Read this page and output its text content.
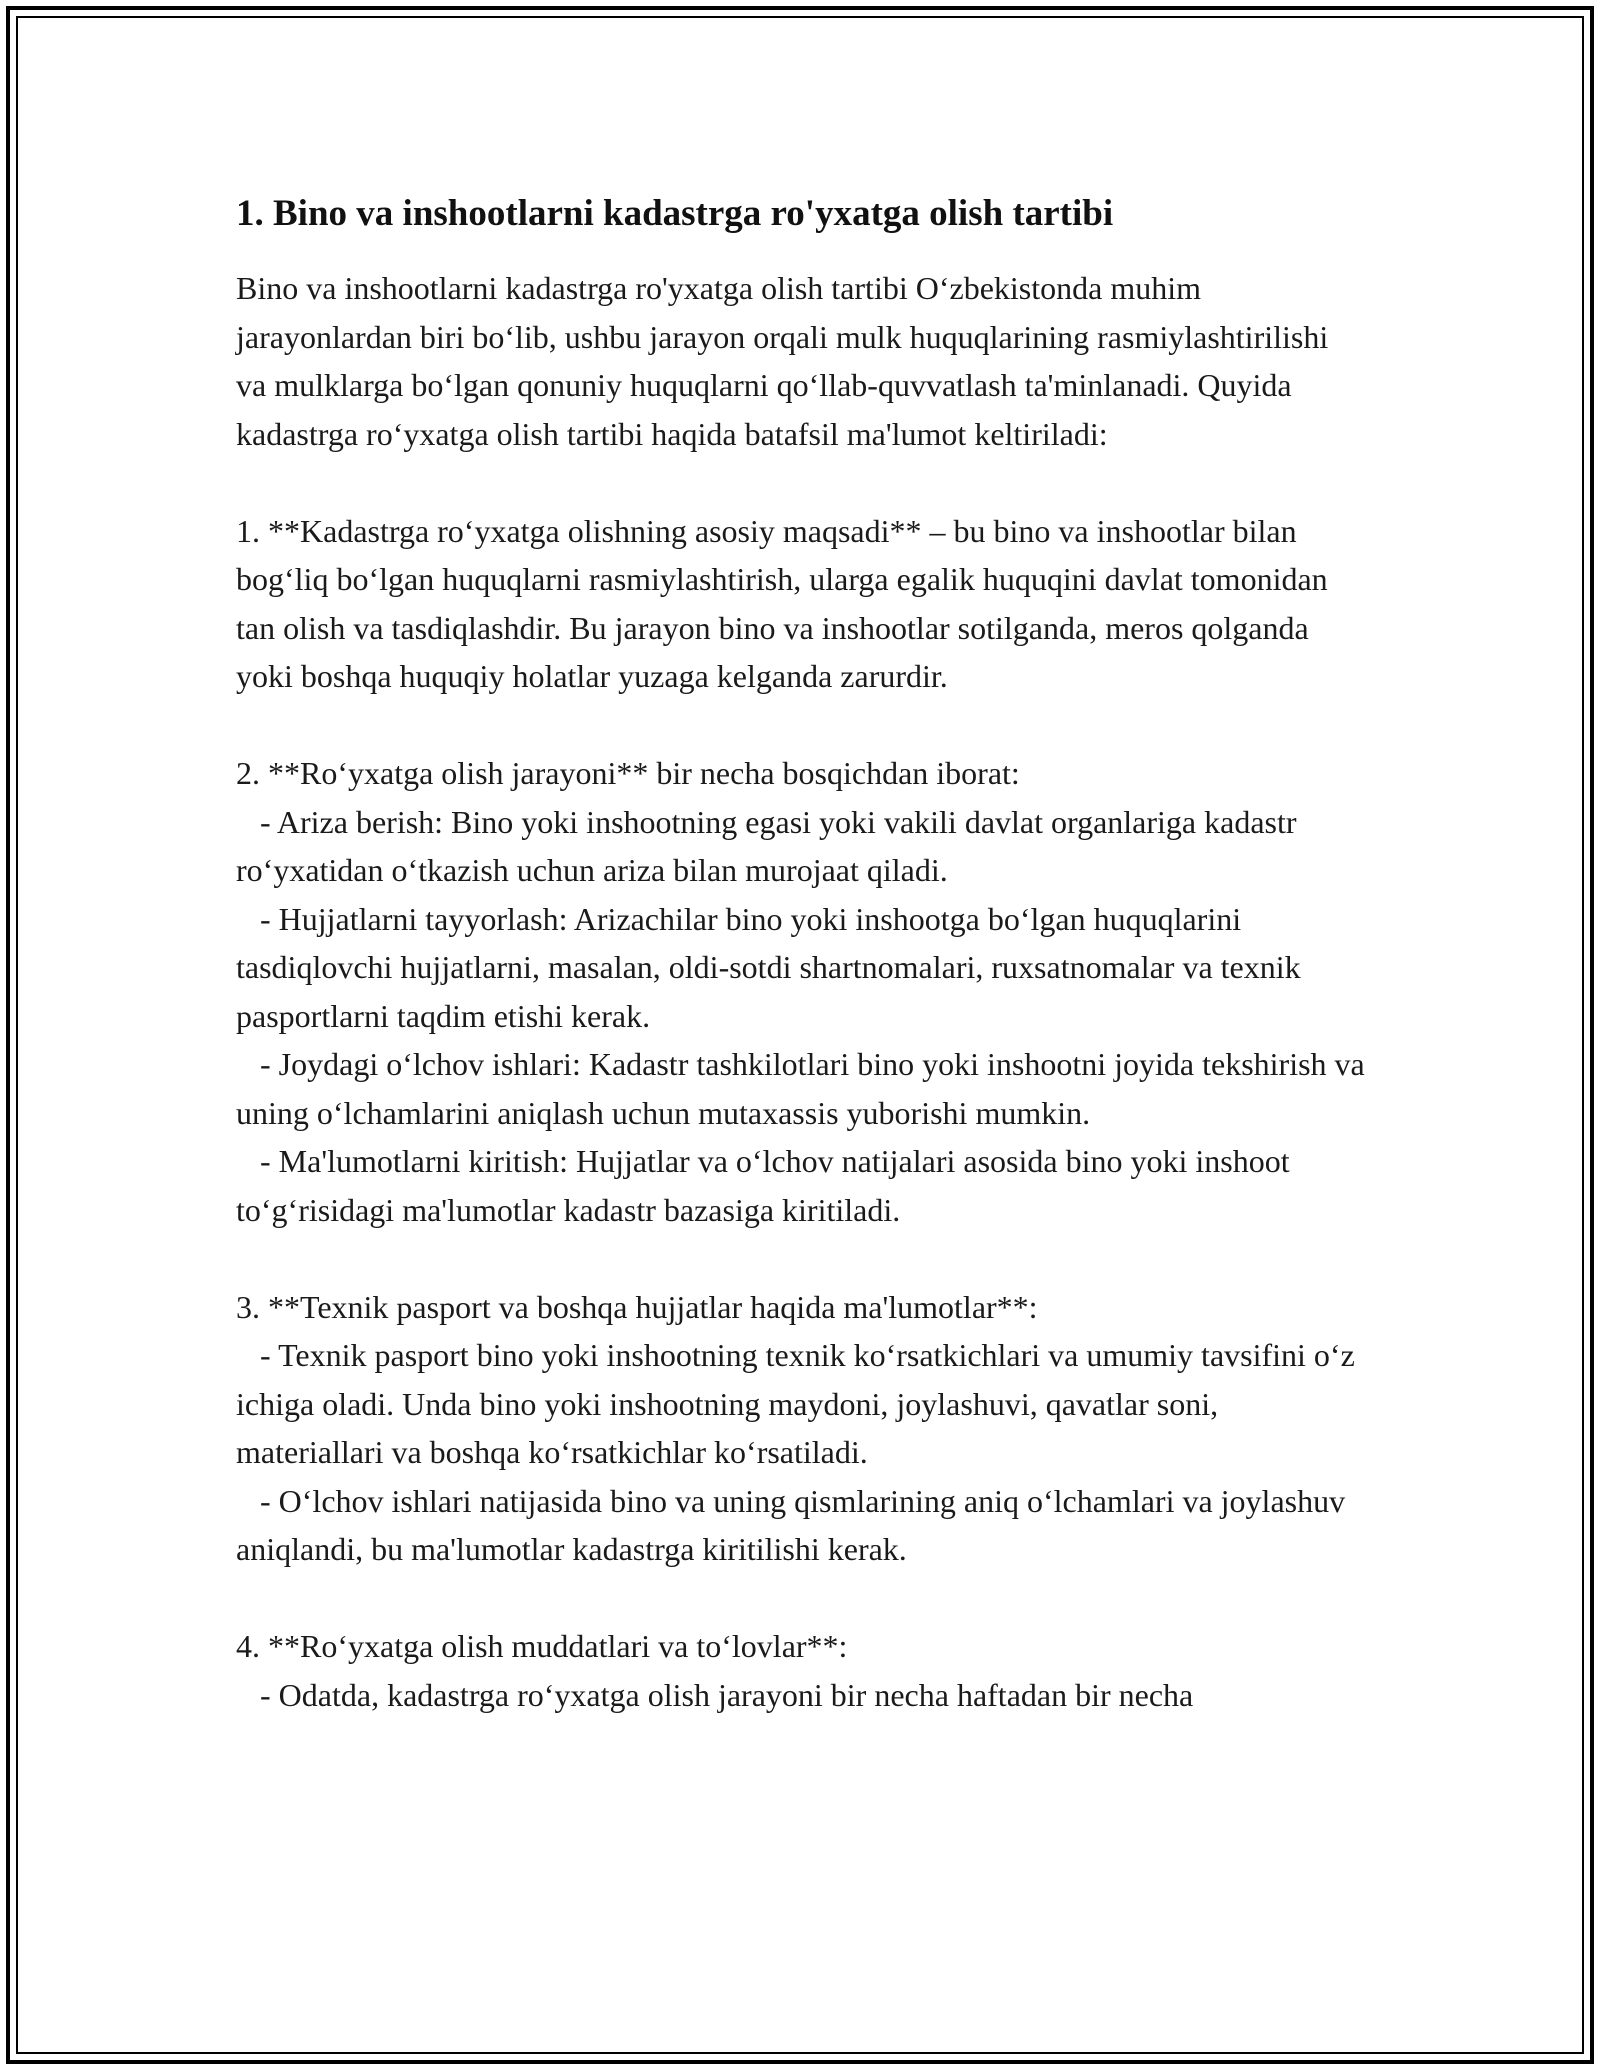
1. Bino va inshootlarni kadastrga ro'yxatga olish tartibi

Bino va inshootlarni kadastrga ro'yxatga olish tartibi O‘zbekistonda muhim jarayonlardan biri bo‘lib, ushbu jarayon orqali mulk huquqlarining rasmiylashtirilishi va mulklarga bo‘lgan qonuniy huquqlarni qo‘llab-quvvatlash ta'minlanadi. Quyida kadastrga ro‘yxatga olish tartibi haqida batafsil ma'lumot keltiriladi:

1. **Kadastrga ro‘yxatga olishning asosiy maqsadi** – bu bino va inshootlar bilan bog‘liq bo‘lgan huquqlarni rasmiylashtirish, ularga egalik huquqini davlat tomonidan tan olish va tasdiqlashdir. Bu jarayon bino va inshootlar sotilganda, meros qolganda yoki boshqa huquqiy holatlar yuzaga kelganda zarurdir.

2. **Ro‘yxatga olish jarayoni** bir necha bosqichdan iborat:
- Ariza berish: Bino yoki inshootning egasi yoki vakili davlat organlariga kadastr ro‘yxatidan o‘tkazish uchun ariza bilan murojaat qiladi.
- Hujjatlarni tayyorlash: Arizachilar bino yoki inshootga bo‘lgan huquqlarini tasdiqlovchi hujjatlarni, masalan, oldi-sotdi shartnomalari, ruxsatnomalar va texnik pasportlarni taqdim etishi kerak.
- Joydagi o‘lchov ishlari: Kadastr tashkilotlari bino yoki inshootni joyida tekshirish va uning o‘lchamlarini aniqlash uchun mutaxassis yuborishi mumkin.
- Ma'lumotlarni kiritish: Hujjatlar va o‘lchov natijalari asosida bino yoki inshoot to‘g‘risidagi ma'lumotlar kadastr bazasiga kiritiladi.

3. **Texnik pasport va boshqa hujjatlar haqida ma'lumotlar**:
- Texnik pasport bino yoki inshootning texnik ko‘rsatkichlari va umumiy tavsifini o‘z ichiga oladi. Unda bino yoki inshootning maydoni, joylashuvi, qavatlar soni, materiallari va boshqa ko‘rsatkichlar ko‘rsatiladi.
- O‘lchov ishlari natijasida bino va uning qismlarining aniq o‘lchamlari va joylashuv aniqlandi, bu ma'lumotlar kadastrga kiritilishi kerak.

4. **Ro‘yxatga olish muddatlari va to‘lovlar**:
- Odatda, kadastrga ro‘yxatga olish jarayoni bir necha haftadan bir necha
